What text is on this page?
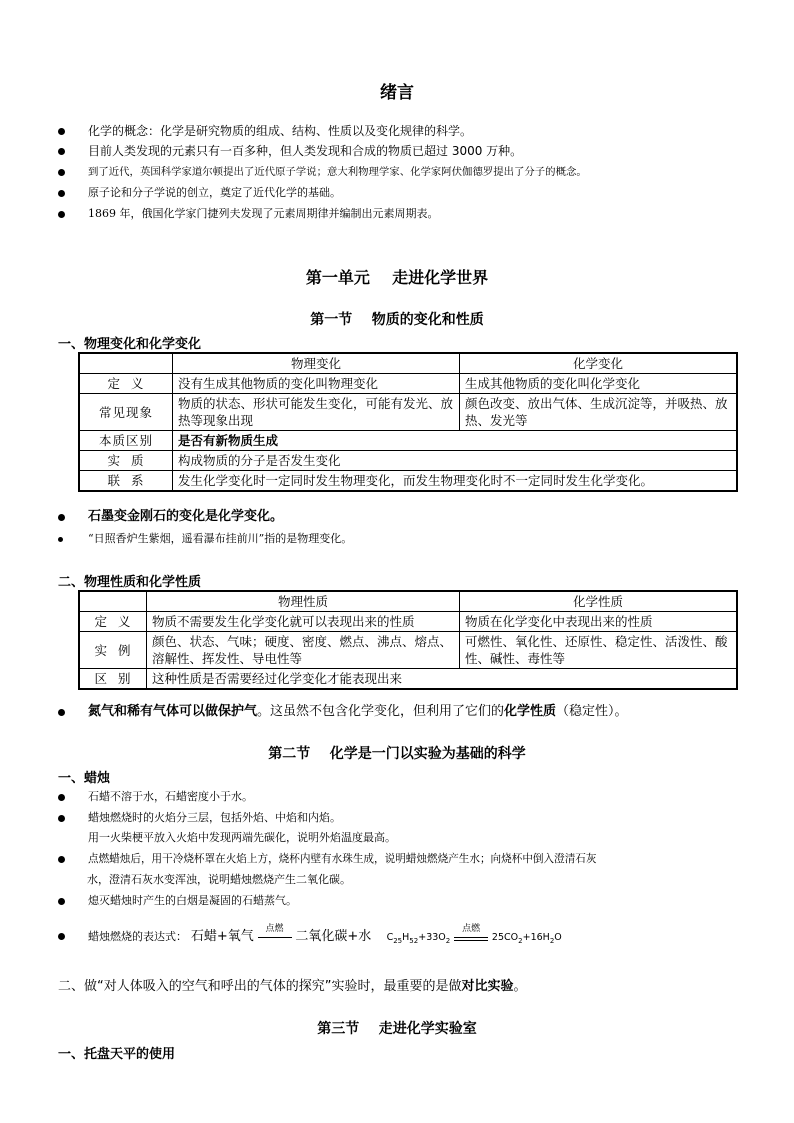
绪言
化学的概念：化学是研究物质的组成、结构、性质以及变化规律的科学。
目前人类发现的元素只有一百多种，但人类发现和合成的物质已超过 3000 万种。
到了近代，英国科学家道尔顿提出了近代原子学说；意大利物理学家、化学家阿伏伽德罗提出了分子的概念。
原子论和分子学说的创立，奠定了近代化学的基础。
1869 年，俄国化学家门捷列夫发现了元素周期律并编制出元素周期表。
第一单元    走进化学世界
第一节    物质的变化和性质
一、物理变化和化学变化
	物理变化	化学变化
定  义	没有生成其他物质的变化叫物理变化	生成其他物质的变化叫化学变化
常见现象	物质的状态、形状可能发生变化，可能有发光、放热等现象出现	颜色改变、放出气体、生成沉淀等，并吸热、放热、发光等
本质区别	是否有新物质生成	
实  质	构成物质的分子是否发生变化	
联  系	发生化学变化时一定同时发生物理变化，而发生物理变化时不一定同时发生化学变化。	
石墨变金刚石的变化是化学变化。
“日照香炉生紫烟，遥看瀑布挂前川”指的是物理变化。
二、物理性质和化学性质
	物理性质	化学性质
定  义	物质不需要发生化学变化就可以表现出来的性质	物质在化学变化中表现出来的性质
实  例	颜色、状态、气味；硬度、密度、燃点、沸点、熔点、溶解性、挥发性、导电性等	可燃性、氧化性、还原性、稳定性、活泼性、酸性、碱性、毒性等
区  别	这种性质是否需要经过化学变化才能表现出来	
氮气和稀有气体可以做保护气。这虽然不包含化学变化，但利用了它们的化学性质（稳定性）。
第二节    化学是一门以实验为基础的科学
一、蜡烛
石蜡不溶于水，石蜡密度小于水。
蜡烛燃烧时的火焰分三层，包括外焰、中焰和内焰。
用一火柴梗平放入火焰中发现两端先碳化，说明外焰温度最高。
点燃蜡烛后，用干冷烧杯罩在火焰上方，烧杯内壁有水珠生成，说明蜡烛燃烧产生水；向烧杯中倒入澄清石灰
水，澄清石灰水变浑浊，说明蜡烛燃烧产生二氧化碳。
熄灭蜡烛时产生的白烟是凝固的石蜡蒸气。
蜡烛燃烧的表达式： 石蜡+氧气
点燃
二氧化碳+水 $C_{25}H_{52}+33O_2$
点燃
$25CO_2+16H_2O$
二、做“对人体吸入的空气和呼出的气体的探究”实验时，最重要的是做对比实验。
第三节    走进化学实验室
一、托盘天平的使用
